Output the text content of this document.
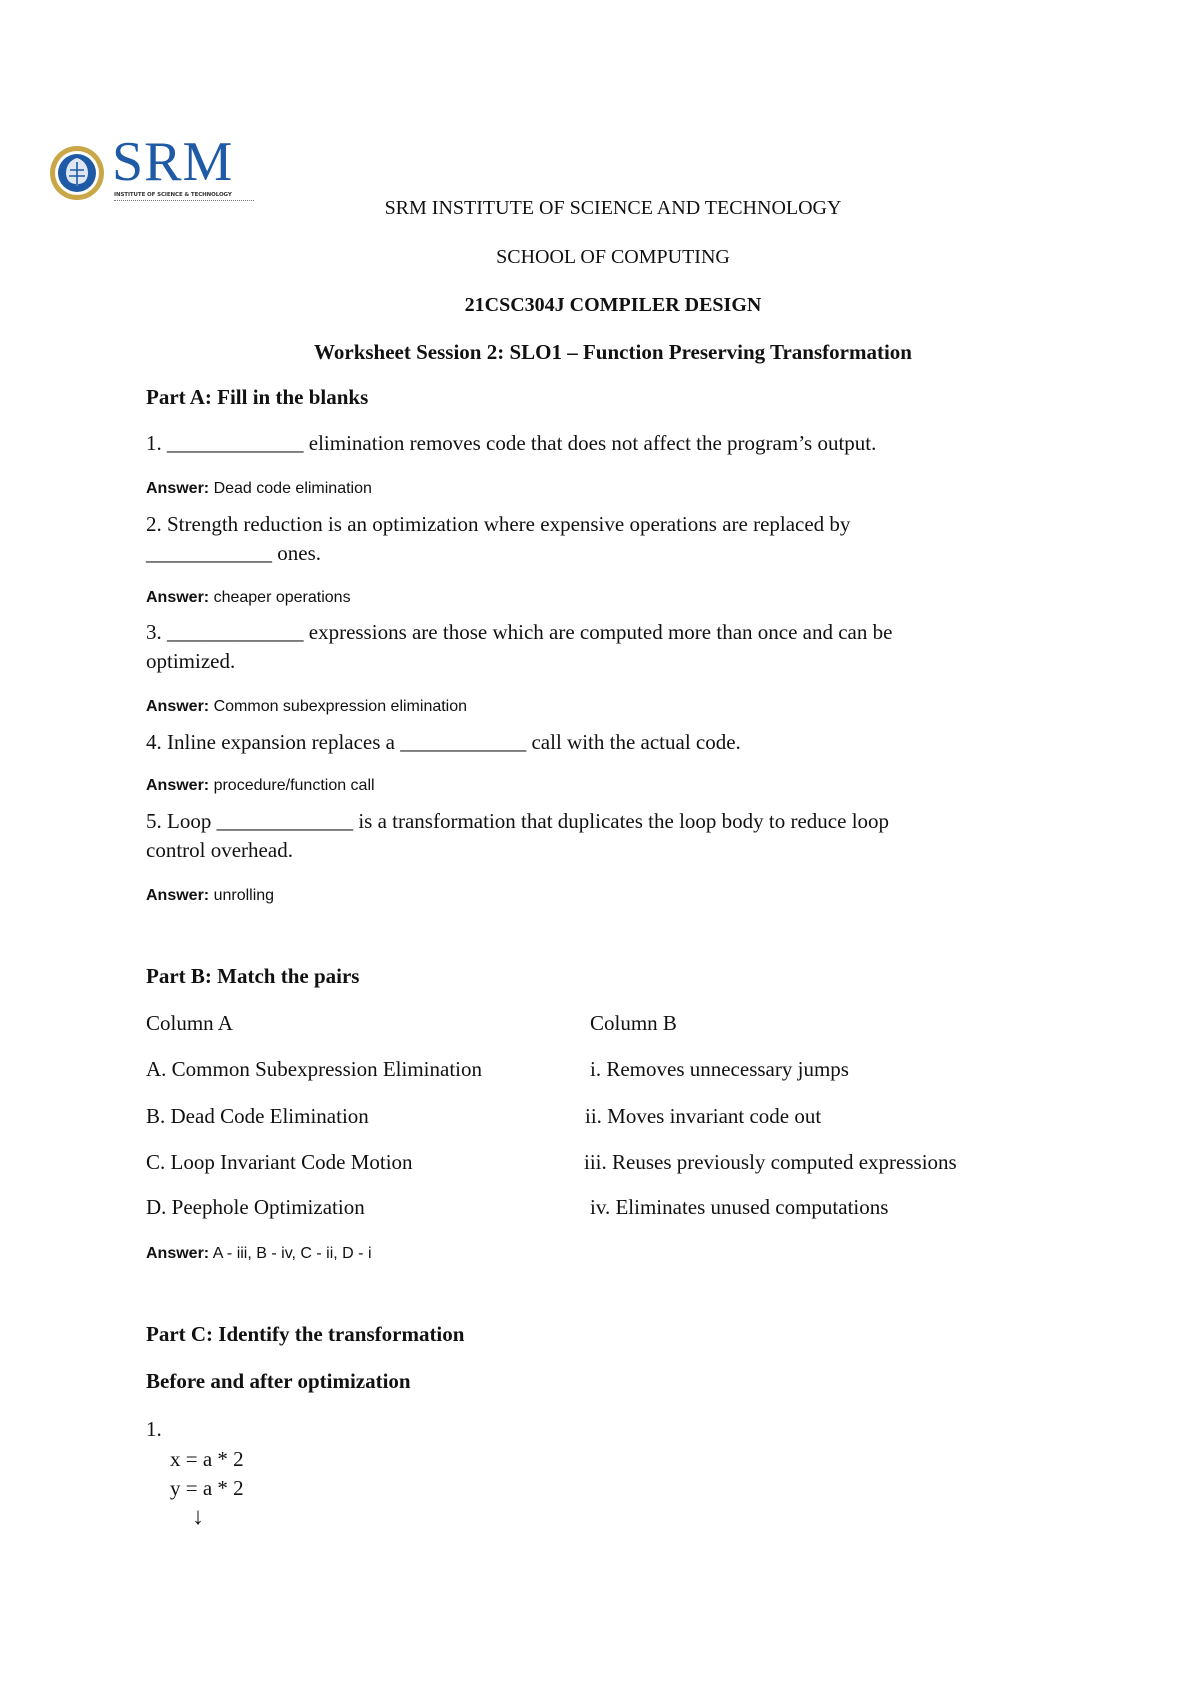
SRM
INSTITUTE OF SCIENCE & TECHNOLOGY
SRM INSTITUTE OF SCIENCE AND TECHNOLOGY
SCHOOL OF COMPUTING
21CSC304J COMPILER DESIGN
Worksheet Session 2: SLO1 – Function Preserving Transformation
Part A: Fill in the blanks
1. _____________ elimination removes code that does not affect the program’s output.
Answer: Dead code elimination
2. Strength reduction is an optimization where expensive operations are replaced by
____________ ones.
Answer: cheaper operations
3. _____________ expressions are those which are computed more than once and can be
optimized.
Answer: Common subexpression elimination
4. Inline expansion replaces a ____________ call with the actual code.
Answer: procedure/function call
5. Loop _____________ is a transformation that duplicates the loop body to reduce loop
control overhead.
Answer: unrolling
Part B: Match the pairs
Column A	Column B
A. Common Subexpression Elimination	i. Removes unnecessary jumps
B. Dead Code Elimination	ii. Moves invariant code out
C. Loop Invariant Code Motion	iii. Reuses previously computed expressions
D. Peephole Optimization	iv. Eliminates unused computations
Answer: A - iii, B - iv, C - ii, D - i
Part C: Identify the transformation
Before and after optimization
1.
x = a * 2
y = a * 2
↓
